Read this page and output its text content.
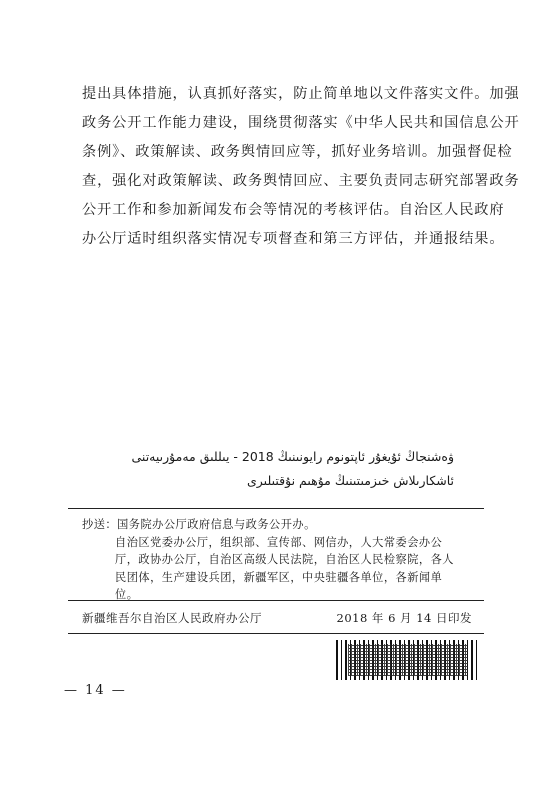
提出具体措施，认真抓好落实，防止简单地以文件落实文件。加强
政务公开工作能力建设，围绕贯彻落实《中华人民共和国信息公开
条例》、政策解读、政务舆情回应等，抓好业务培训。加强督促检
查，强化对政策解读、政务舆情回应、主要负责同志研究部署政务
公开工作和参加新闻发布会等情况的考核评估。自治区人民政府
办公厅适时组织落实情况专项督查和第三方评估，并通报结果。
ۋەشنجاڭ ئۇيغۇر ئاپتونوم رايونىنىڭ 2018 - يىللىق مەمۇرىيەتنى
ئاشكارىلاش خىزمىتىنىڭ مۇھىم نۇقتىلىرى
抄送：国务院办公厅政府信息与政务公开办。
自治区党委办公厅，组织部、宣传部、网信办，人大常委会办公
厅，政协办公厅，自治区高级人民法院，自治区人民检察院，各人
民团体，生产建设兵团，新疆军区，中央驻疆各单位，各新闻单
位。
新疆维吾尔自治区人民政府办公厅	2018 年 6 月 14 日印发
— 14 —
